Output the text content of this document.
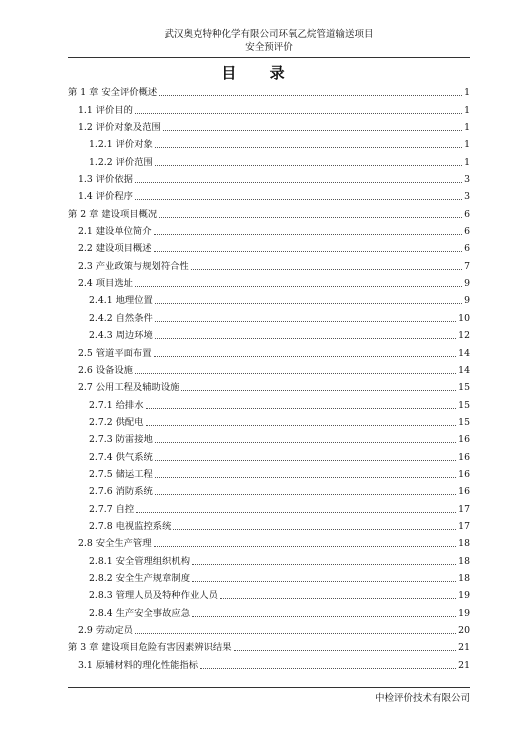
武汉奥克特种化学有限公司环氧乙烷管道输送项目
安全预评价
目 录
第 1 章 安全评价概述	1
1.1 评价目的	1
1.2 评价对象及范围	1
1.2.1 评价对象	1
1.2.2 评价范围	1
1.3 评价依据	3
1.4 评价程序	3
第 2 章 建设项目概况	6
2.1 建设单位简介	6
2.2 建设项目概述	6
2.3 产业政策与规划符合性	7
2.4 项目选址	9
2.4.1 地理位置	9
2.4.2 自然条件	10
2.4.3 周边环境	12
2.5 管道平面布置	14
2.6 设备设施	14
2.7 公用工程及辅助设施	15
2.7.1 给排水	15
2.7.2 供配电	15
2.7.3 防雷接地	16
2.7.4 供气系统	16
2.7.5 储运工程	16
2.7.6 消防系统	16
2.7.7 自控	17
2.7.8 电视监控系统	17
2.8 安全生产管理	18
2.8.1 安全管理组织机构	18
2.8.2 安全生产规章制度	18
2.8.3 管理人员及特种作业人员	19
2.8.4 生产安全事故应急	19
2.9 劳动定员	20
第 3 章 建设项目危险有害因素辨识结果	21
3.1 原辅材料的理化性能指标	21
中检评价技术有限公司
